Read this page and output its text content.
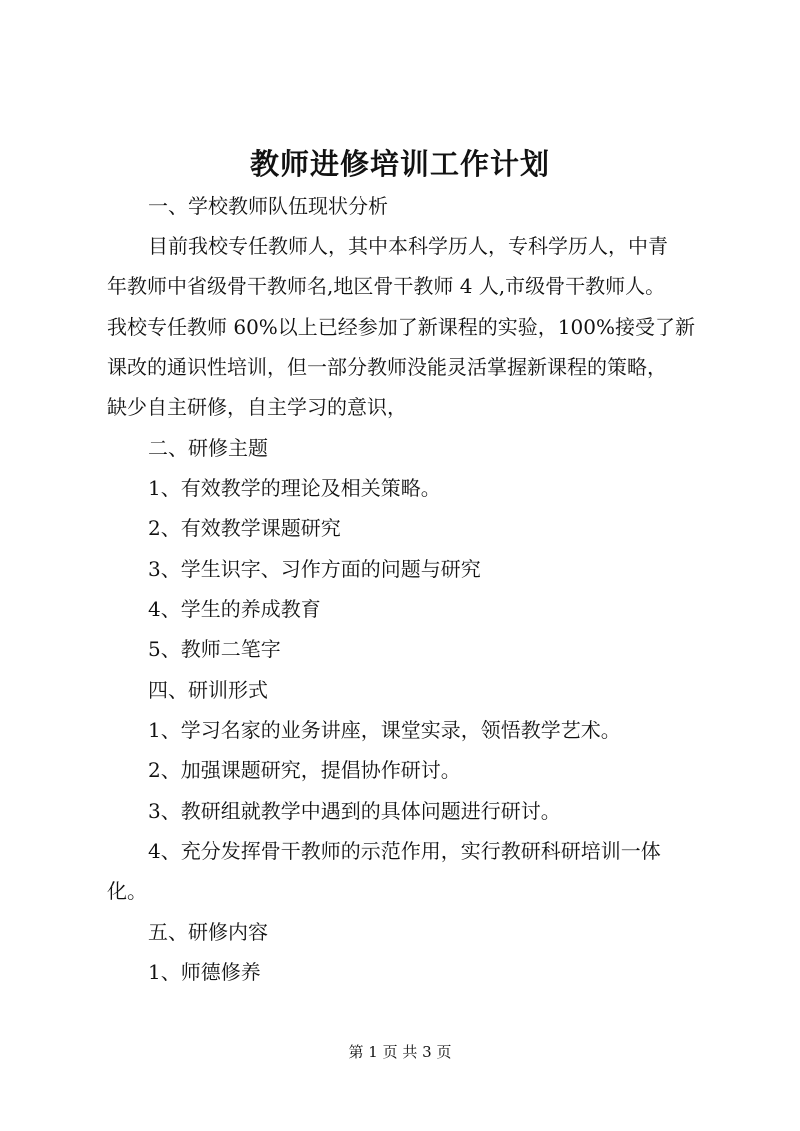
教师进修培训工作计划
一、学校教师队伍现状分析
目前我校专任教师人，其中本科学历人，专科学历人，中青
年教师中省级骨干教师名,地区骨干教师 4 人,市级骨干教师人。
我校专任教师 60%以上已经参加了新课程的实验，100%接受了新
课改的通识性培训，但一部分教师没能灵活掌握新课程的策略，
缺少自主研修，自主学习的意识，
二、研修主题
1、有效教学的理论及相关策略。
2、有效教学课题研究
3、学生识字、习作方面的问题与研究
4、学生的养成教育
5、教师二笔字
四、研训形式
1、学习名家的业务讲座，课堂实录，领悟教学艺术。
2、加强课题研究，提倡协作研讨。
3、教研组就教学中遇到的具体问题进行研讨。
4、充分发挥骨干教师的示范作用，实行教研科研培训一体
化。
五、研修内容
1、师德修养
第 1 页 共 3 页
